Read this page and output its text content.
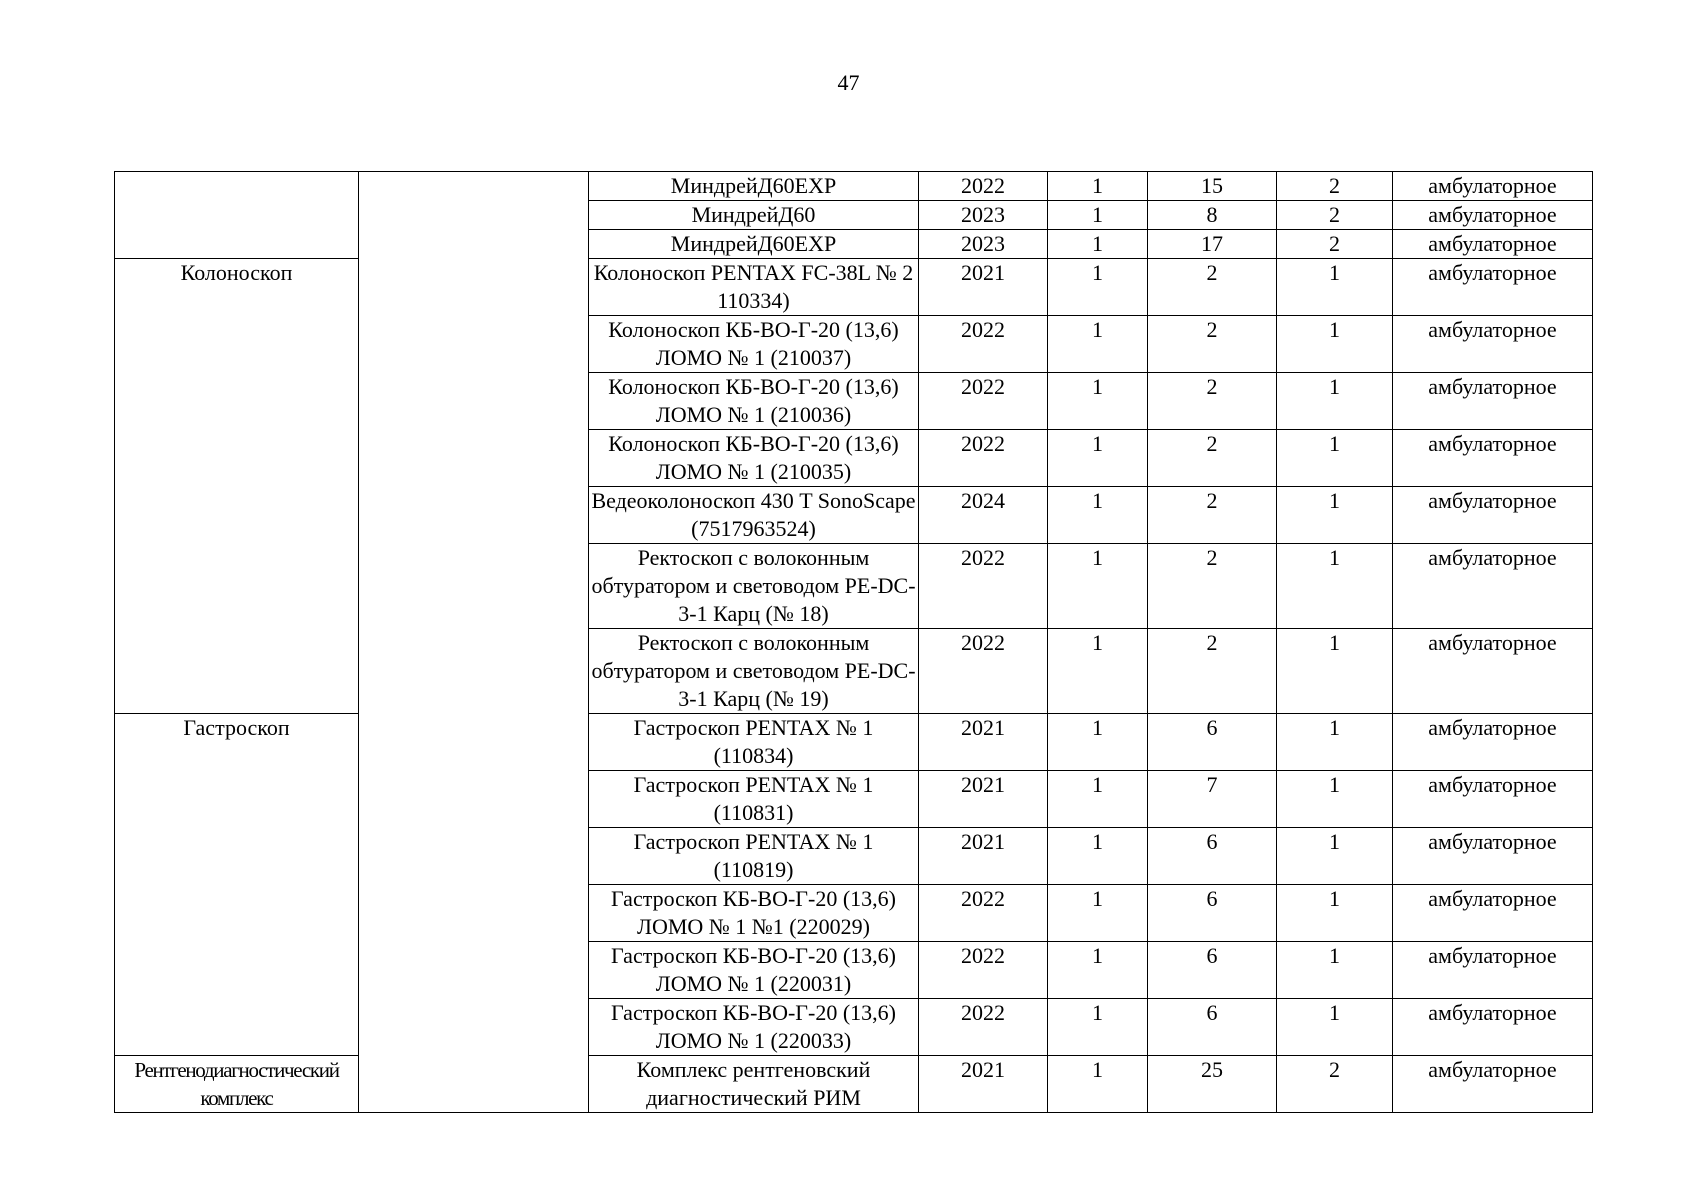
47
		МиндрейД60EXP	2022	1	15	2	амбулаторное
		МиндрейД60	2023	1	8	2	амбулаторное
		МиндрейД60EXP	2023	1	17	2	амбулаторное
Колоноскоп		Колоноскоп PENTAX FC-38L № 2 110334)	2021	1	2	1	амбулаторное
		Колоноскоп КБ-ВО-Г-20 (13,6) ЛОМО № 1 (210037)	2022	1	2	1	амбулаторное
		Колоноскоп КБ-ВО-Г-20 (13,6) ЛОМО № 1 (210036)	2022	1	2	1	амбулаторное
		Колоноскоп КБ-ВО-Г-20 (13,6) ЛОМО № 1 (210035)	2022	1	2	1	амбулаторное
		Ведеоколоноскоп 430 T SonoScape (7517963524)	2024	1	2	1	амбулаторное
		Ректоскоп с волоконным обтуратором и световодом PE-DC-3-1 Карц (№ 18)	2022	1	2	1	амбулаторное
		Ректоскоп с волоконным обтуратором и световодом PE-DC-3-1 Карц (№ 19)	2022	1	2	1	амбулаторное
Гастроскоп		Гастроскоп PENTAX № 1 (110834)	2021	1	6	1	амбулаторное
		Гастроскоп PENTAX № 1 (110831)	2021	1	7	1	амбулаторное
		Гастроскоп PENTAX № 1 (110819)	2021	1	6	1	амбулаторное
		Гастроскоп КБ-ВО-Г-20 (13,6) ЛОМО № 1 №1 (220029)	2022	1	6	1	амбулаторное
		Гастроскоп КБ-ВО-Г-20 (13,6) ЛОМО № 1 (220031)	2022	1	6	1	амбулаторное
		Гастроскоп КБ-ВО-Г-20 (13,6) ЛОМО № 1 (220033)	2022	1	6	1	амбулаторное
Рентгенодиагностический комплекс		Комплекс рентгеновский диагностический РИМ	2021	1	25	2	амбулаторное
